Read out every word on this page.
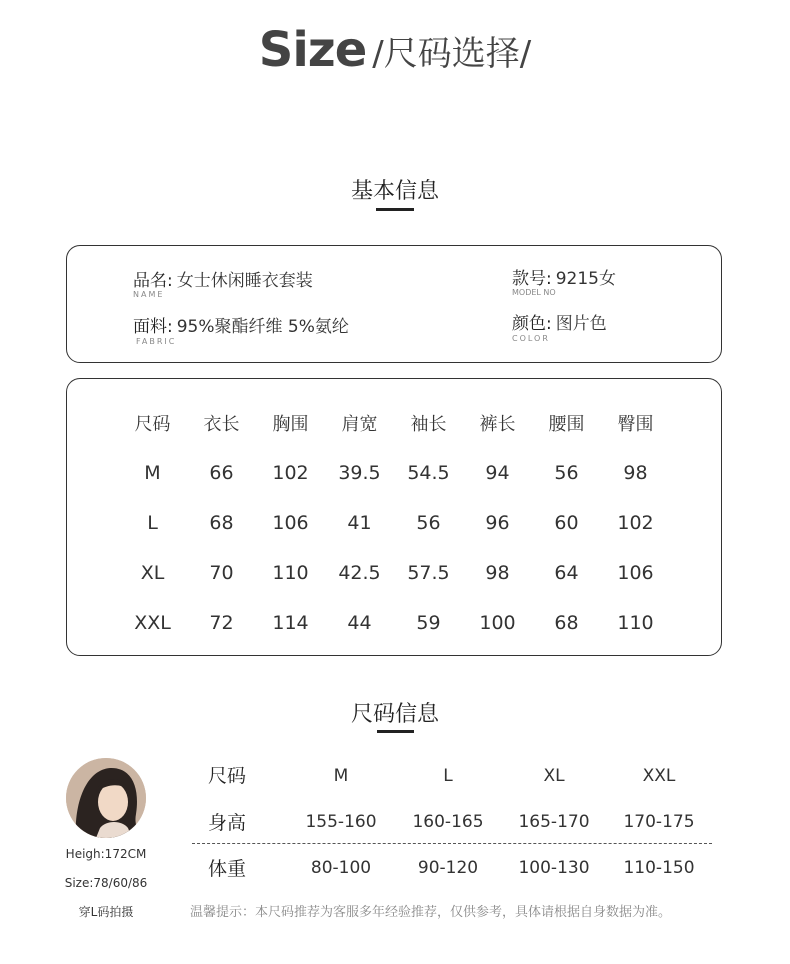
Size /尺码选择/
基本信息
品名: 女士休闲睡衣套装
NAME
款号: 9215女
MODEL NO
面料: 95%聚酯纤维 5%氨纶
FABRIC
颜色: 图片色
COLOR
尺码	衣长	胸围	肩宽	袖长	裤长	腰围	臀围
M	66	102	39.5	54.5	94	56	98
L	68	106	41	56	96	60	102
XL	70	110	42.5	57.5	98	64	106
XXL	72	114	44	59	100	68	110
尺码信息
Heigh:172CM
Size:78/60/86
穿L码拍摄
尺码	M	L	XL	XXL
身高	155-160	160-165	165-170	170-175
体重	80-100	90-120	100-130	110-150
温馨提示：本尺码推荐为客服多年经验推荐，仅供参考，具体请根据自身数据为准。
